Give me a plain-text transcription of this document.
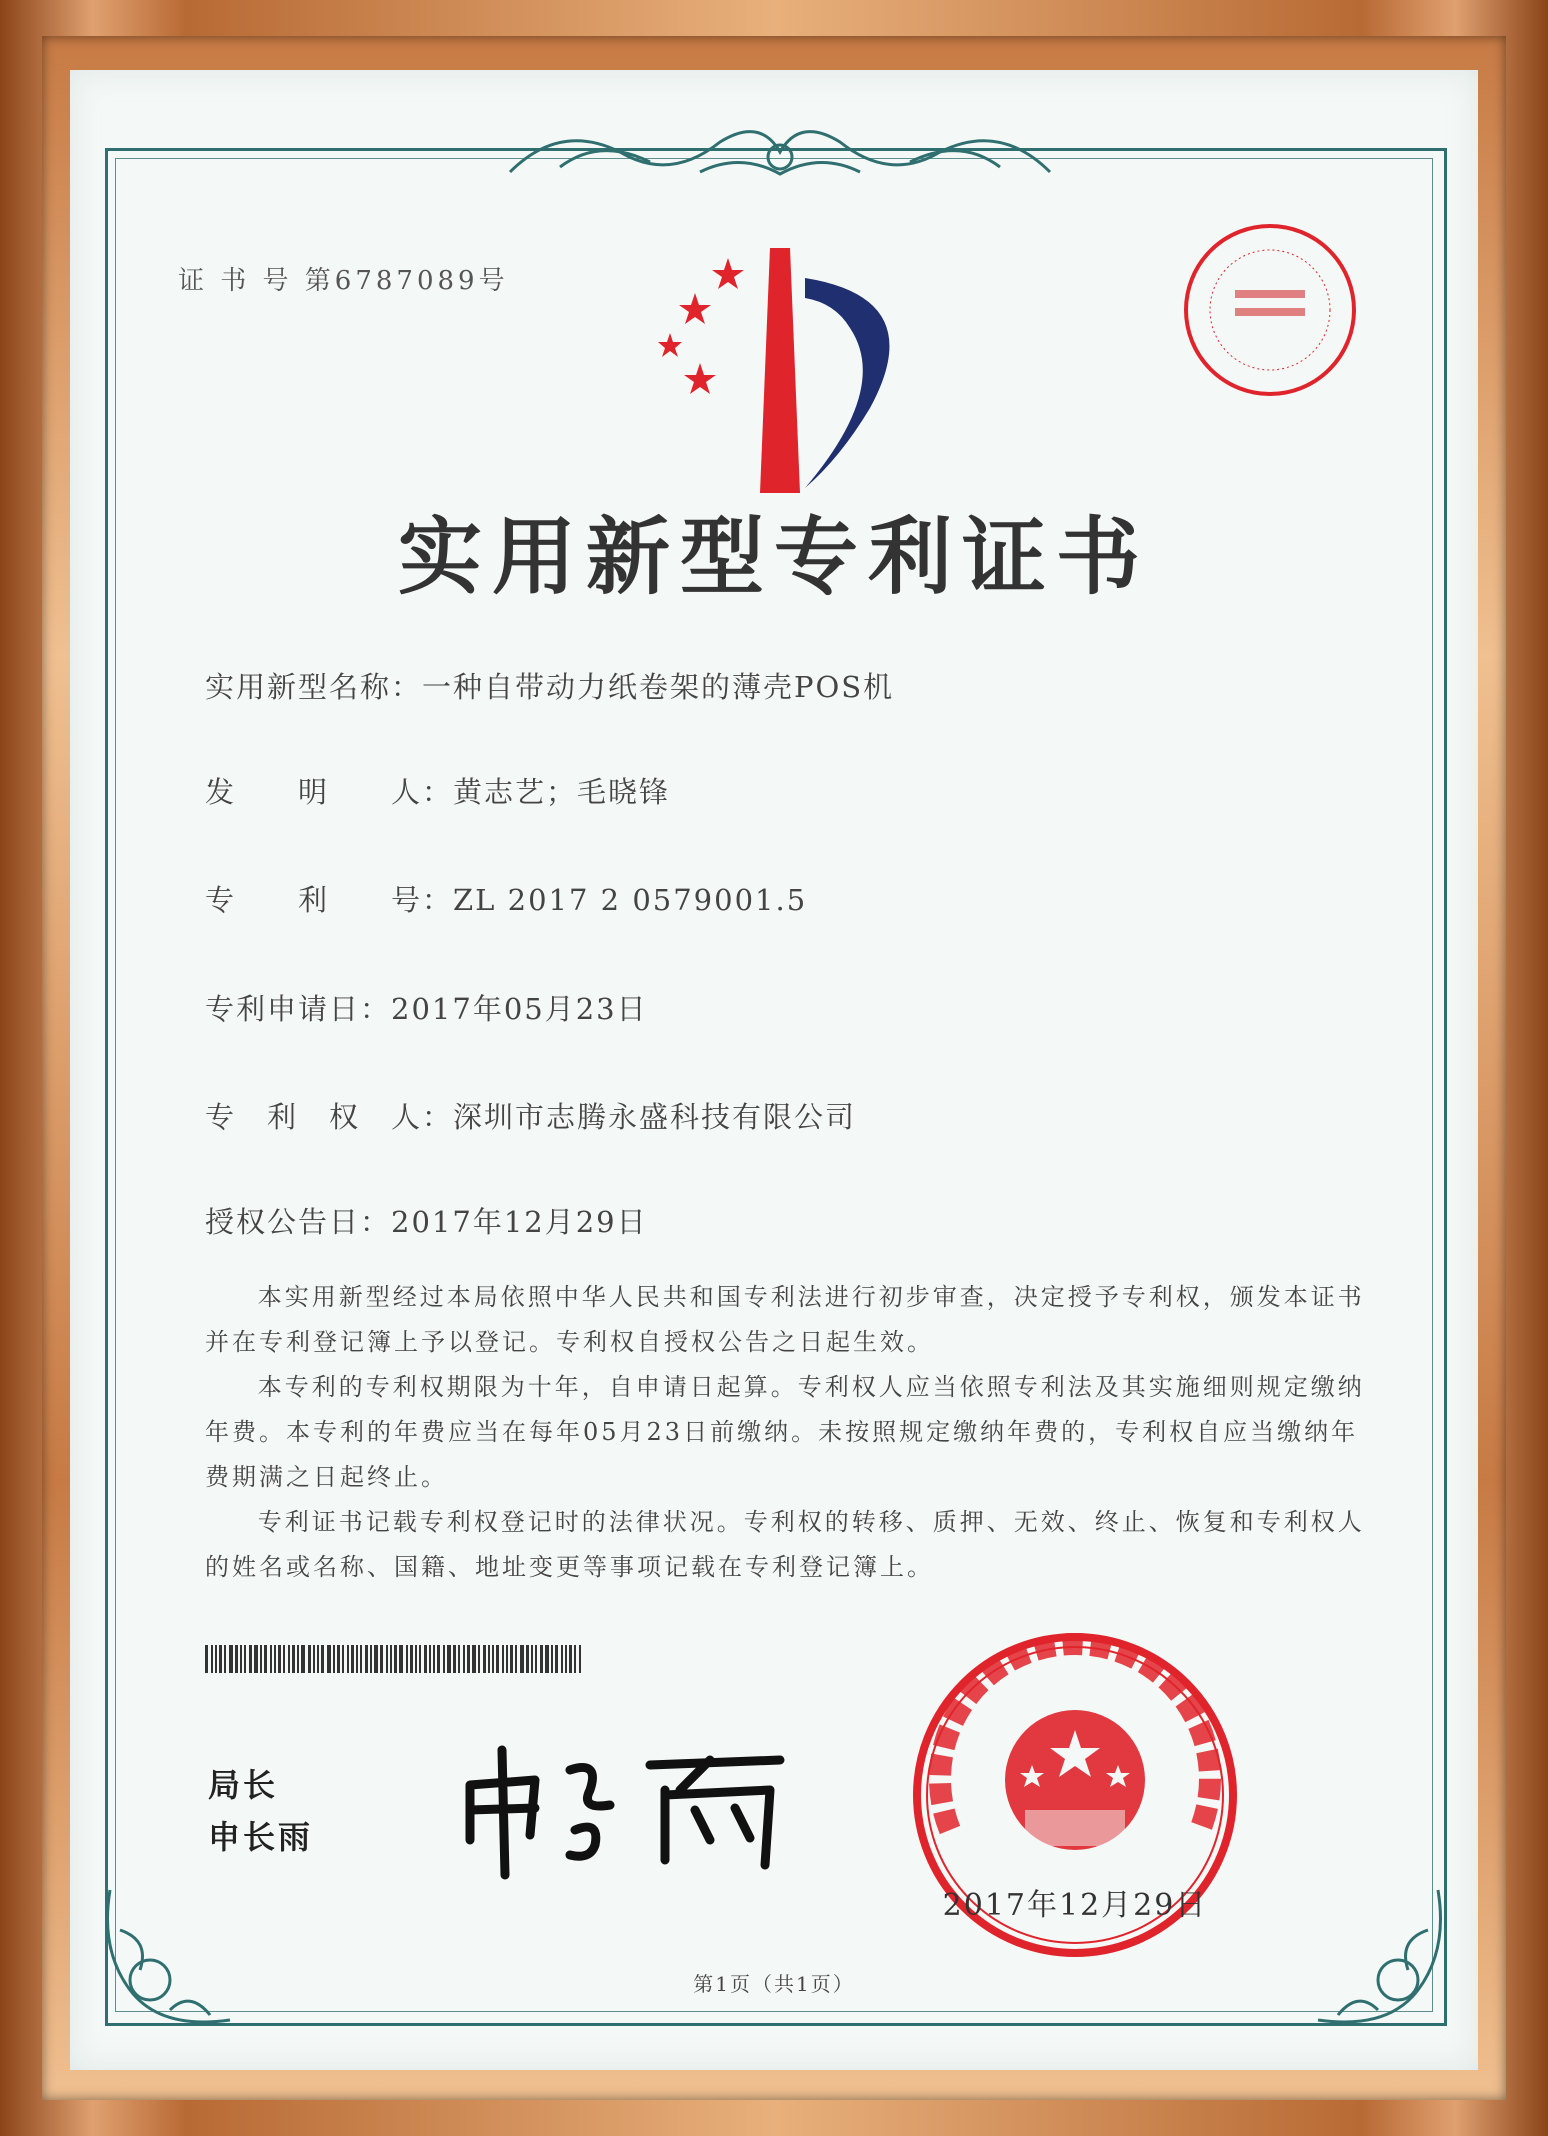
证 书 号 第6787089号
实用新型专利证书
实用新型名称：一种自带动力纸卷架的薄壳POS机
发　　明　　人：黄志艺；毛晓锋
专　　利　　号：ZL 2017 2 0579001.5
专利申请日：2017年05月23日
专　利　权　人：深圳市志腾永盛科技有限公司
授权公告日：2017年12月29日

本实用新型经过本局依照中华人民共和国专利法进行初步审查，决定授予专利权，颁发本证书并在专利登记簿上予以登记。专利权自授权公告之日起生效。

本专利的专利权期限为十年，自申请日起算。专利权人应当依照专利法及其实施细则规定缴纳年费。本专利的年费应当在每年05月23日前缴纳。未按照规定缴纳年费的，专利权自应当缴纳年费期满之日起终止。

专利证书记载专利权登记时的法律状况。专利权的转移、质押、无效、终止、恢复和专利权人的姓名或名称、国籍、地址变更等事项记载在专利登记簿上。

局长
申长雨
2017年12月29日
第1页（共1页）
